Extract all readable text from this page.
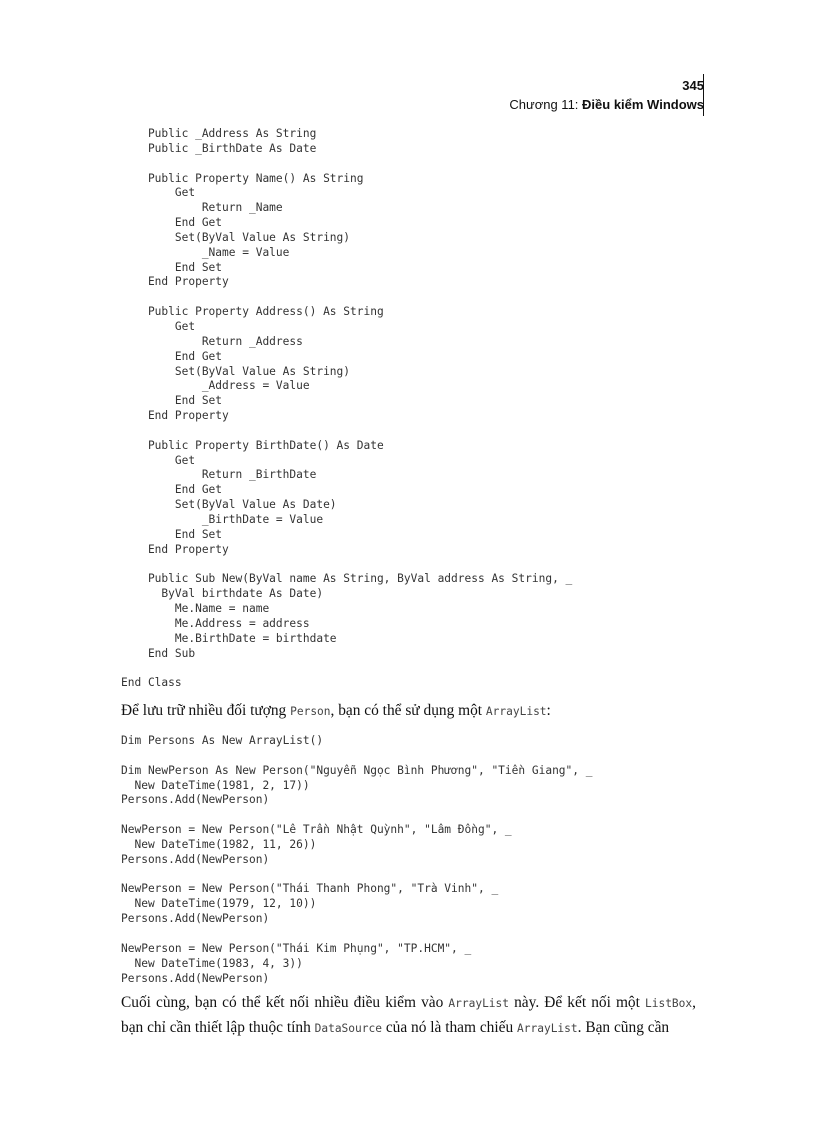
345
Chương 11: Điều kiểm Windows
Public _Address As String
Public _BirthDate As Date

Public Property Name() As String
Get
Return _Name
End Get
Set(ByVal Value As String)
_Name = Value
End Set
End Property

Public Property Address() As String
Get
Return _Address
End Get
Set(ByVal Value As String)
_Address = Value
End Set
End Property

Public Property BirthDate() As Date
Get
Return _BirthDate
End Get
Set(ByVal Value As Date)
_BirthDate = Value
End Set
End Property

Public Sub New(ByVal name As String, ByVal address As String, _
ByVal birthdate As Date)
Me.Name = name
Me.Address = address
Me.BirthDate = birthdate
End Sub

End Class

Để lưu trữ nhiều đối tượng Person, bạn có thể sử dụng một ArrayList:

Dim Persons As New ArrayList()

Dim NewPerson As New Person("Nguyễn Ngọc Bình Phương", "Tiền Giang", _
New DateTime(1981, 2, 17))
Persons.Add(NewPerson)

NewPerson = New Person("Lê Trần Nhật Quỳnh", "Lâm Đồng", _
New DateTime(1982, 11, 26))
Persons.Add(NewPerson)

NewPerson = New Person("Thái Thanh Phong", "Trà Vinh", _
New DateTime(1979, 12, 10))
Persons.Add(NewPerson)

NewPerson = New Person("Thái Kim Phụng", "TP.HCM", _
New DateTime(1983, 4, 3))
Persons.Add(NewPerson)

Cuối cùng, bạn có thể kết nối nhiều điều kiểm vào ArrayList này. Để kết nối một ListBox, bạn chỉ cần thiết lập thuộc tính DataSource của nó là tham chiếu ArrayList. Bạn cũng cần
